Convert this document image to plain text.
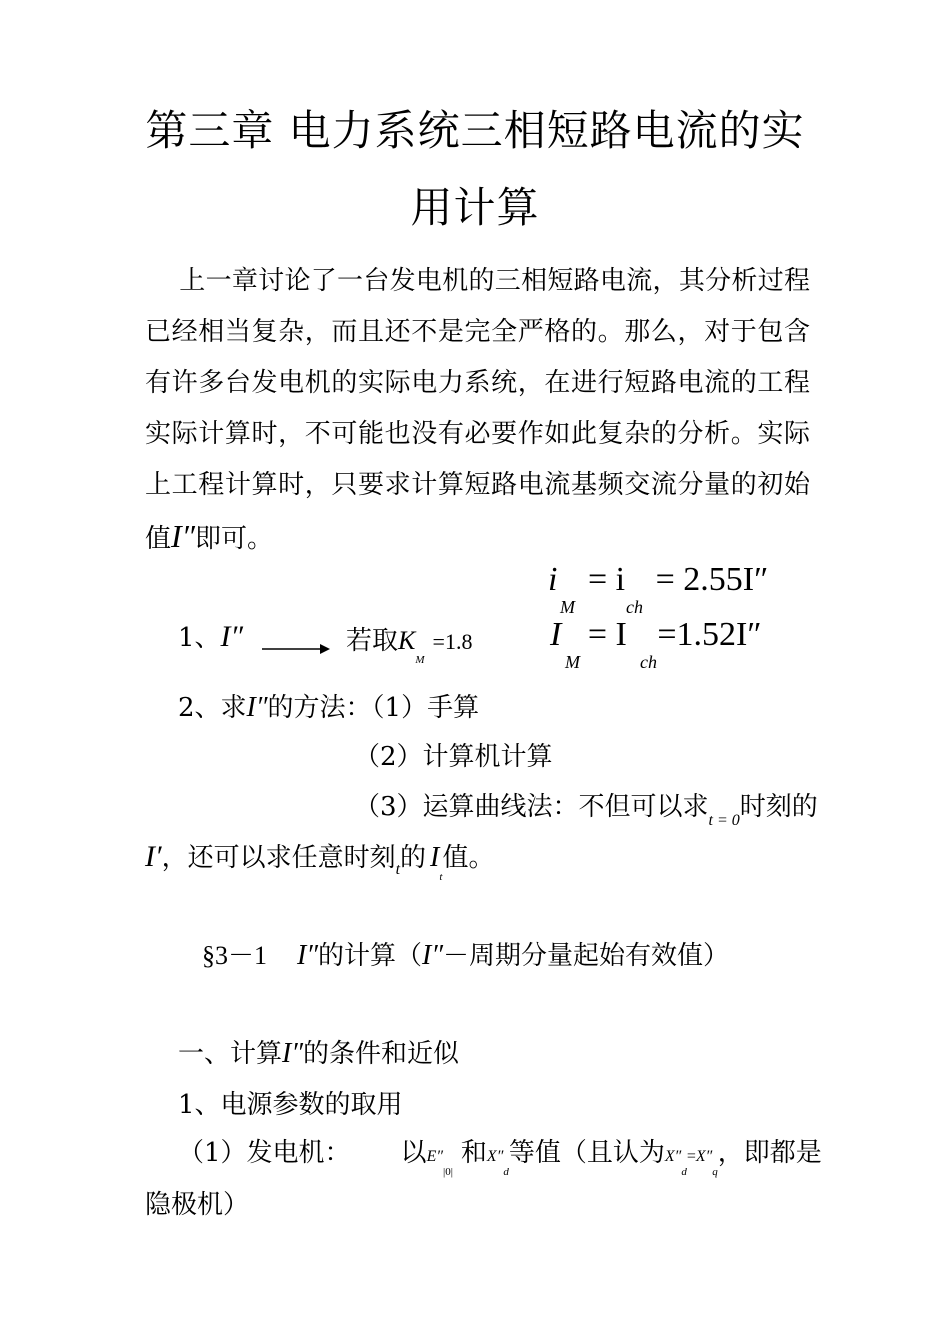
第三章 电力系统三相短路电流的实
用计算
上一章讨论了一台发电机的三相短路电流，其分析过程已经相当复杂，而且还不是完全严格的。那么，对于包含有许多台发电机的实际电力系统，在进行短路电流的工程实际计算时，不可能也没有必要作如此复杂的分析。实际上工程计算时，只要求计算短路电流基频交流分量的初始值I″即可。
i = i = 2.55I″
M	ch
I = I =1.52I″
M	ch
1、I″	若取$K_M=1.8$
2、求I″的方法：（1）手算
（2）计算机计算
（3）运算曲线法：不但可以求$_{t = 0}$时刻的
I′，还可以求任意时刻$_t$的 $I_t$值。
§3－1 I″的计算（I″－周期分量起始有效值）
一、计算I″的条件和近似
1、电源参数的取用
（1）发电机： 以$E''_{|0|}$和$X''_d$等值（且认为$X''_d=X''_q$，即都是
隐极机）
